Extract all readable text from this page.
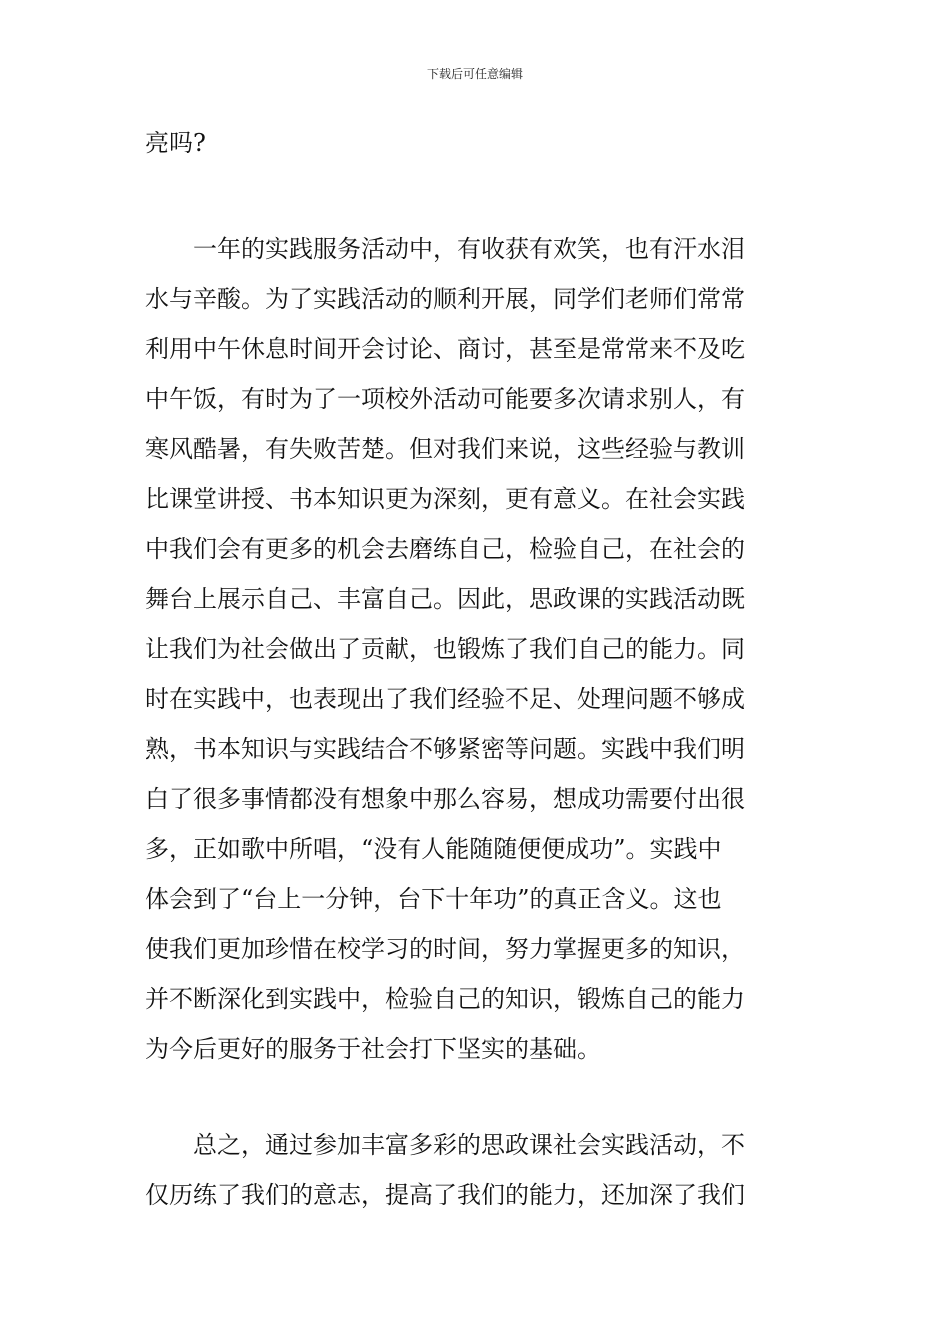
下载后可任意编辑
亮吗?
　　一年的实践服务活动中，有收获有欢笑，也有汗水泪
水与辛酸。为了实践活动的顺利开展，同学们老师们常常
利用中午休息时间开会讨论、商讨，甚至是常常来不及吃
中午饭，有时为了一项校外活动可能要多次请求别人，有
寒风酷暑，有失败苦楚。但对我们来说，这些经验与教训
比课堂讲授、书本知识更为深刻，更有意义。在社会实践
中我们会有更多的机会去磨练自己，检验自己，在社会的
舞台上展示自己、丰富自己。因此，思政课的实践活动既
让我们为社会做出了贡献，也锻炼了我们自己的能力。同
时在实践中，也表现出了我们经验不足、处理问题不够成
熟，书本知识与实践结合不够紧密等问题。实践中我们明
白了很多事情都没有想象中那么容易，想成功需要付出很
多，正如歌中所唱，“没有人能随随便便成功”。实践中
体会到了“台上一分钟，台下十年功”的真正含义。这也
使我们更加珍惜在校学习的时间，努力掌握更多的知识，
并不断深化到实践中，检验自己的知识，锻炼自己的能力
为今后更好的服务于社会打下坚实的基础。
　　总之，通过参加丰富多彩的思政课社会实践活动，不
仅历练了我们的意志，提高了我们的能力，还加深了我们
